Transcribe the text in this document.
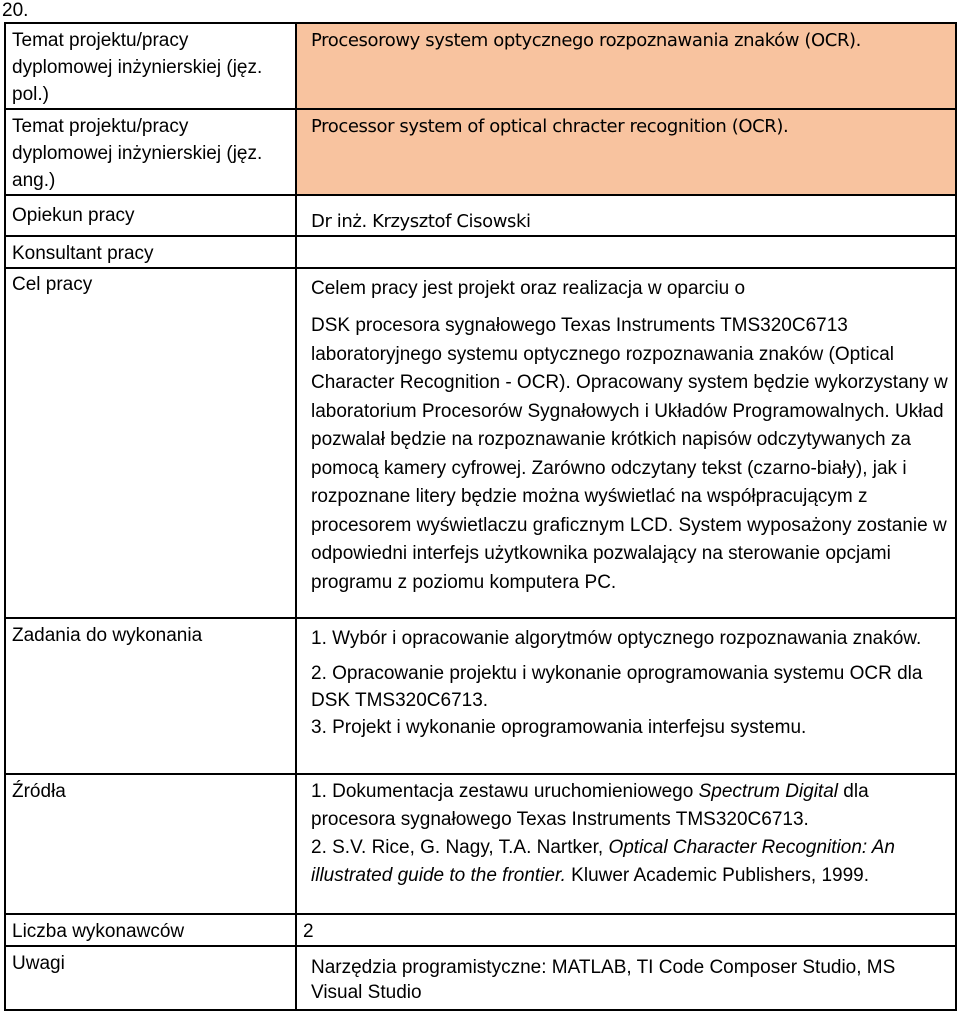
20.
Temat projektu/pracy dyplomowej inżynierskiej (jęz. pol.)	Procesorowy system optycznego rozpoznawania znaków (OCR).
Temat projektu/pracy dyplomowej inżynierskiej (jęz. ang.)	Processor system of optical chracter recognition (OCR).
Opiekun pracy	Dr inż. Krzysztof Cisowski
Konsultant pracy	
Cel pracy	Celem pracy jest projekt oraz realizacja w oparciu o

DSK procesora sygnałowego Texas Instruments TMS320C6713 laboratoryjnego systemu optycznego rozpoznawania znaków (Optical Character Recognition - OCR). Opracowany system będzie wykorzystany w laboratorium Procesorów Sygnałowych i Układów Programowalnych. Układ pozwalał będzie na rozpoznawanie krótkich napisów odczytywanych za pomocą kamery cyfrowej. Zarówno odczytany tekst (czarno-biały), jak i rozpoznane litery będzie można wyświetlać na współpracującym z procesorem wyświetlaczu graficznym LCD. System wyposażony zostanie w odpowiedni interfejs użytkownika pozwalający na sterowanie opcjami programu z poziomu komputera PC.

Zadania do wykonania	1. Wybór i opracowanie algorytmów optycznego rozpoznawania znaków.

2. Opracowanie projektu i wykonanie oprogramowania systemu OCR dla DSK TMS320C6713.

3. Projekt i wykonanie oprogramowania interfejsu systemu.

Źródła	1. Dokumentacja zestawu uruchomieniowego Spectrum Digital dla procesora sygnałowego Texas Instruments TMS320C6713.

2. S.V. Rice, G. Nagy, T.A. Nartker, Optical Character Recognition: An illustrated guide to the frontier. Kluwer Academic Publishers, 1999.

Liczba wykonawców	2
Uwagi	Narzędzia programistyczne: MATLAB, TI Code Composer Studio, MS Visual Studio
